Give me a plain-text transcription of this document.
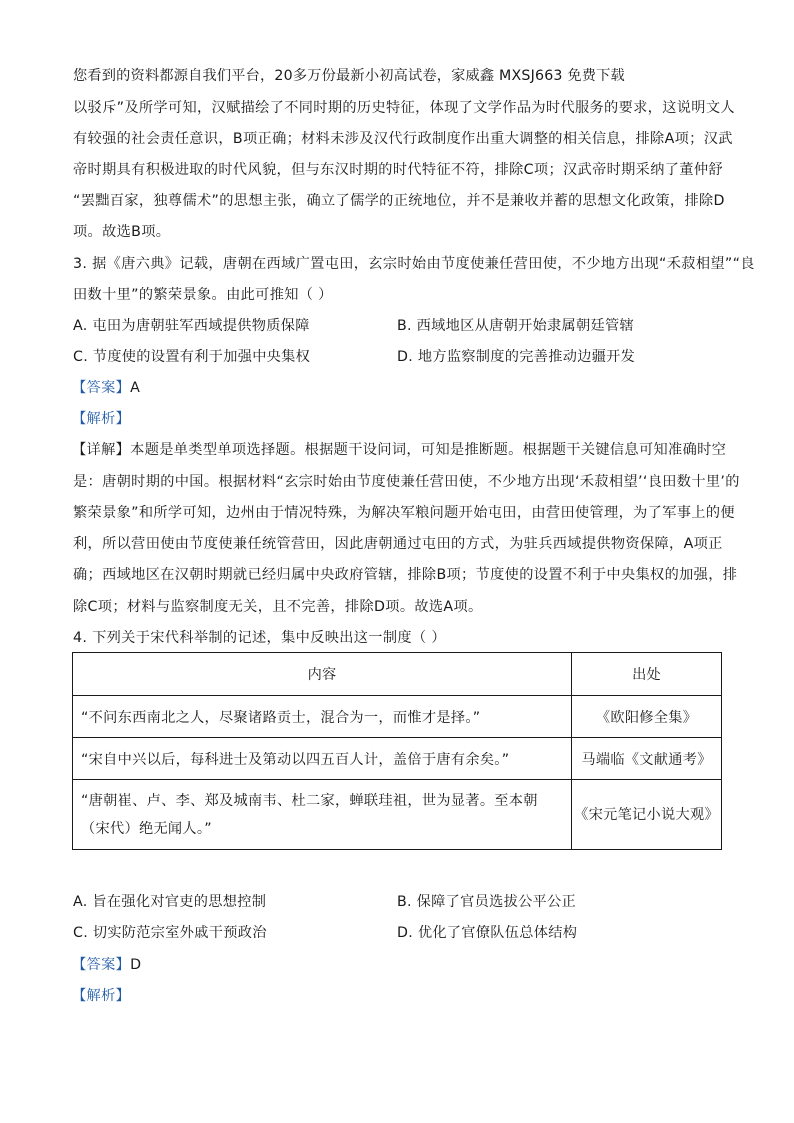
您看到的资料都源自我们平台，20多万份最新小初高试卷，家威鑫 MXSJ663 免费下载
以驳斥”及所学可知，汉赋描绘了不同时期的历史特征，体现了文学作品为时代服务的要求，这说明文人
有较强的社会责任意识，B项正确；材料未涉及汉代行政制度作出重大调整的相关信息，排除A项；汉武
帝时期具有积极进取的时代风貌，但与东汉时期的时代特征不符，排除C项；汉武帝时期采纳了董仲舒
“罢黜百家，独尊儒术”的思想主张，确立了儒学的正统地位，并不是兼收并蓄的思想文化政策，排除D
项。故选B项。
3. 据《唐六典》记载，唐朝在西域广置屯田，玄宗时始由节度使兼任营田使，不少地方出现“禾菽相望”“良
田数十里”的繁荣景象。由此可推知（ ）
A. 屯田为唐朝驻军西域提供物质保障	B. 西域地区从唐朝开始隶属朝廷管辖
C. 节度使的设置有利于加强中央集权	D. 地方监察制度的完善推动边疆开发
【答案】A
【解析】
【详解】本题是单类型单项选择题。根据题干设问词，可知是推断题。根据题干关键信息可知准确时空
是：唐朝时期的中国。根据材料“玄宗时始由节度使兼任营田使，不少地方出现‘禾菽相望’‘良田数十里’的
繁荣景象”和所学可知，边州由于情况特殊，为解决军粮问题开始屯田，由营田使管理，为了军事上的便
利，所以营田使由节度使兼任统管营田，因此唐朝通过屯田的方式，为驻兵西域提供物资保障，A项正
确；西域地区在汉朝时期就已经归属中央政府管辖，排除B项；节度使的设置不利于中央集权的加强，排
除C项；材料与监察制度无关，且不完善，排除D项。故选A项。
4. 下列关于宋代科举制的记述，集中反映出这一制度（ ）
内容	出处
“不问东西南北之人，尽聚诸路贡士，混合为一，而惟才是择。”	《欧阳修全集》
“宋自中兴以后，每科进士及第动以四五百人计，盖倍于唐有余矣。”	马端临《文献通考》
“唐朝崔、卢、李、郑及城南韦、杜二家，蝉联珪祖，世为显著。至本朝（宋代）绝无闻人。”	《宋元笔记小说大观》
A. 旨在强化对官吏的思想控制	B. 保障了官员选拔公平公正
C. 切实防范宗室外戚干预政治	D. 优化了官僚队伍总体结构
【答案】D
【解析】
